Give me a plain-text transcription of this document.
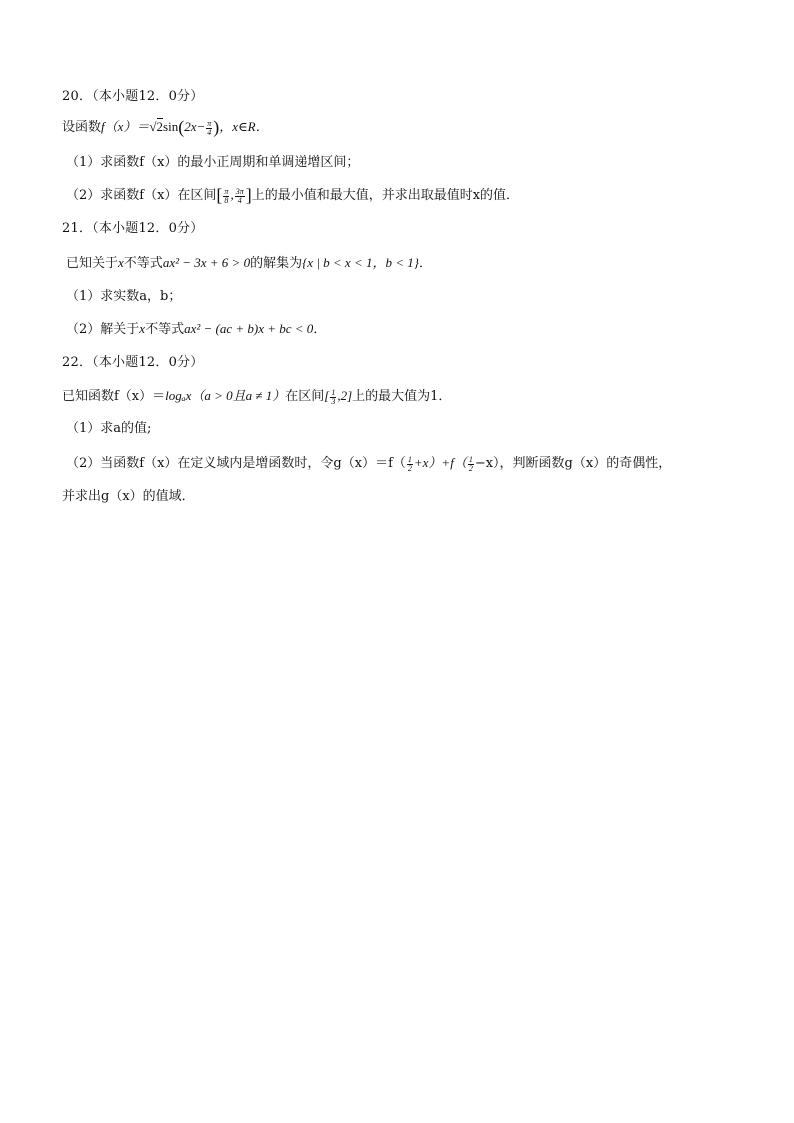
20．（本小题12．0分）
设函数$f(x)=√2\sin(2x- \frac{\pi}{4}$ )，x∈R．
（1）求函数f（x）的最小正周期和单调递增区间；
（2）求函数f（x）在区间[ $\frac{\pi}{8}$ , $\frac{3\pi}{4}$ ]上的最小值和最大值，并求出取最值时x的值．
21．（本小题12．0分）
已知关于x不等式ax² − 3x + 6 > 0的解集为{x | b < x < 1，b < 1}．
（1）求实数a，b；
（2）解关于x不等式ax² − (ac + b)x + bc < 0．
22．（本小题12．0分）
已知函数f（x）＝logₐx（a > 0且a ≠ 1）在区间[ $\frac{1}{3} ,2$]上的最大值为1．
（1）求a的值;
（2）当函数f（x）在定义域内是增函数时，令$g(x)=f( \frac{1}{2} +x)+f( \frac{1}{2} -x)$，判断函数g（x）的奇偶性，
并求出g（x）的值域．
